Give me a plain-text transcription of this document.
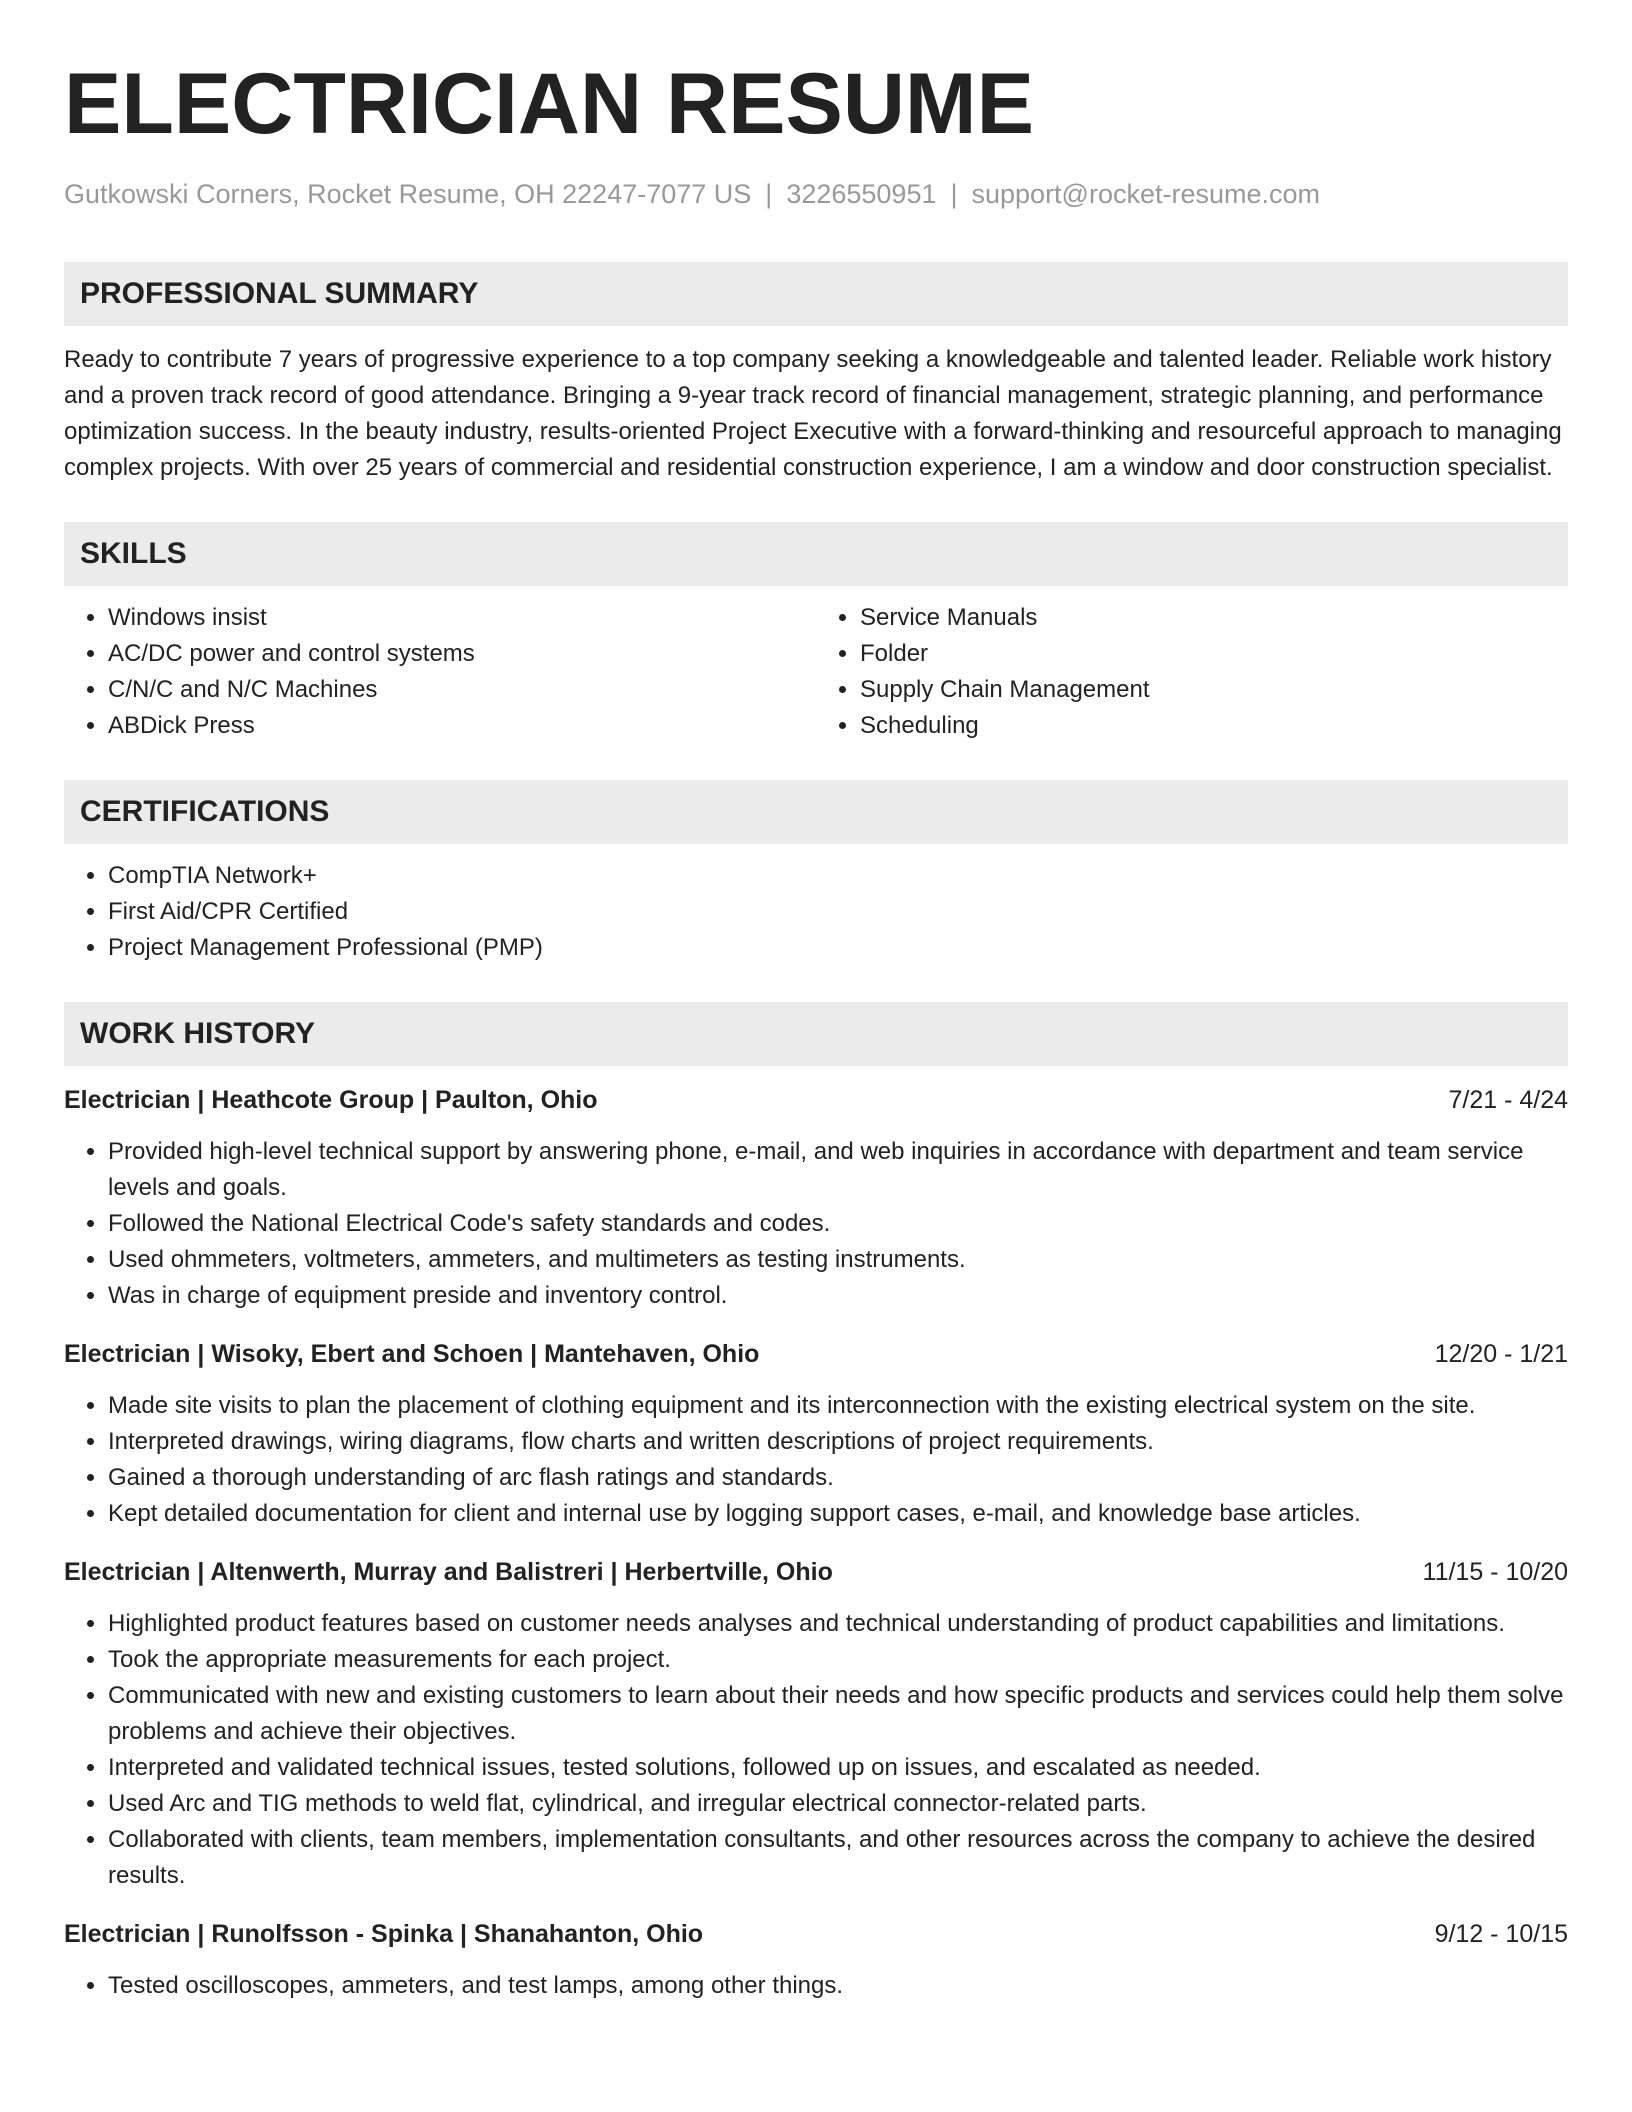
ELECTRICIAN RESUME
Gutkowski Corners, Rocket Resume, OH 22247-7077 US | 3226550951 | support@rocket-resume.com
PROFESSIONAL SUMMARY

Ready to contribute 7 years of progressive experience to a top company seeking a knowledgeable and talented leader. Reliable work history and a proven track record of good attendance. Bringing a 9-year track record of financial management, strategic planning, and performance optimization success. In the beauty industry, results-oriented Project Executive with a forward-thinking and resourceful approach to managing complex projects. With over 25 years of commercial and residential construction experience, I am a window and door construction specialist.

SKILLS
• Windows insist
• AC/DC power and control systems
• C/N/C and N/C Machines
• ABDick Press
• Service Manuals
• Folder
• Supply Chain Management
• Scheduling
CERTIFICATIONS
• CompTIA Network+
• First Aid/CPR Certified
• Project Management Professional (PMP)
WORK HISTORY
Electrician | Heathcote Group | Paulton, Ohio	7/21 - 4/24
• Provided high-level technical support by answering phone, e-mail, and web inquiries in accordance with department and team service levels and goals.
• Followed the National Electrical Code's safety standards and codes.
• Used ohmmeters, voltmeters, ammeters, and multimeters as testing instruments.
• Was in charge of equipment preside and inventory control.
Electrician | Wisoky, Ebert and Schoen | Mantehaven, Ohio	12/20 - 1/21
• Made site visits to plan the placement of clothing equipment and its interconnection with the existing electrical system on the site.
• Interpreted drawings, wiring diagrams, flow charts and written descriptions of project requirements.
• Gained a thorough understanding of arc flash ratings and standards.
• Kept detailed documentation for client and internal use by logging support cases, e-mail, and knowledge base articles.
Electrician | Altenwerth, Murray and Balistreri | Herbertville, Ohio	11/15 - 10/20
• Highlighted product features based on customer needs analyses and technical understanding of product capabilities and limitations.
• Took the appropriate measurements for each project.
• Communicated with new and existing customers to learn about their needs and how specific products and services could help them solve problems and achieve their objectives.
• Interpreted and validated technical issues, tested solutions, followed up on issues, and escalated as needed.
• Used Arc and TIG methods to weld flat, cylindrical, and irregular electrical connector-related parts.
• Collaborated with clients, team members, implementation consultants, and other resources across the company to achieve the desired results.
Electrician | Runolfsson - Spinka | Shanahanton, Ohio	9/12 - 10/15
• Tested oscilloscopes, ammeters, and test lamps, among other things.
